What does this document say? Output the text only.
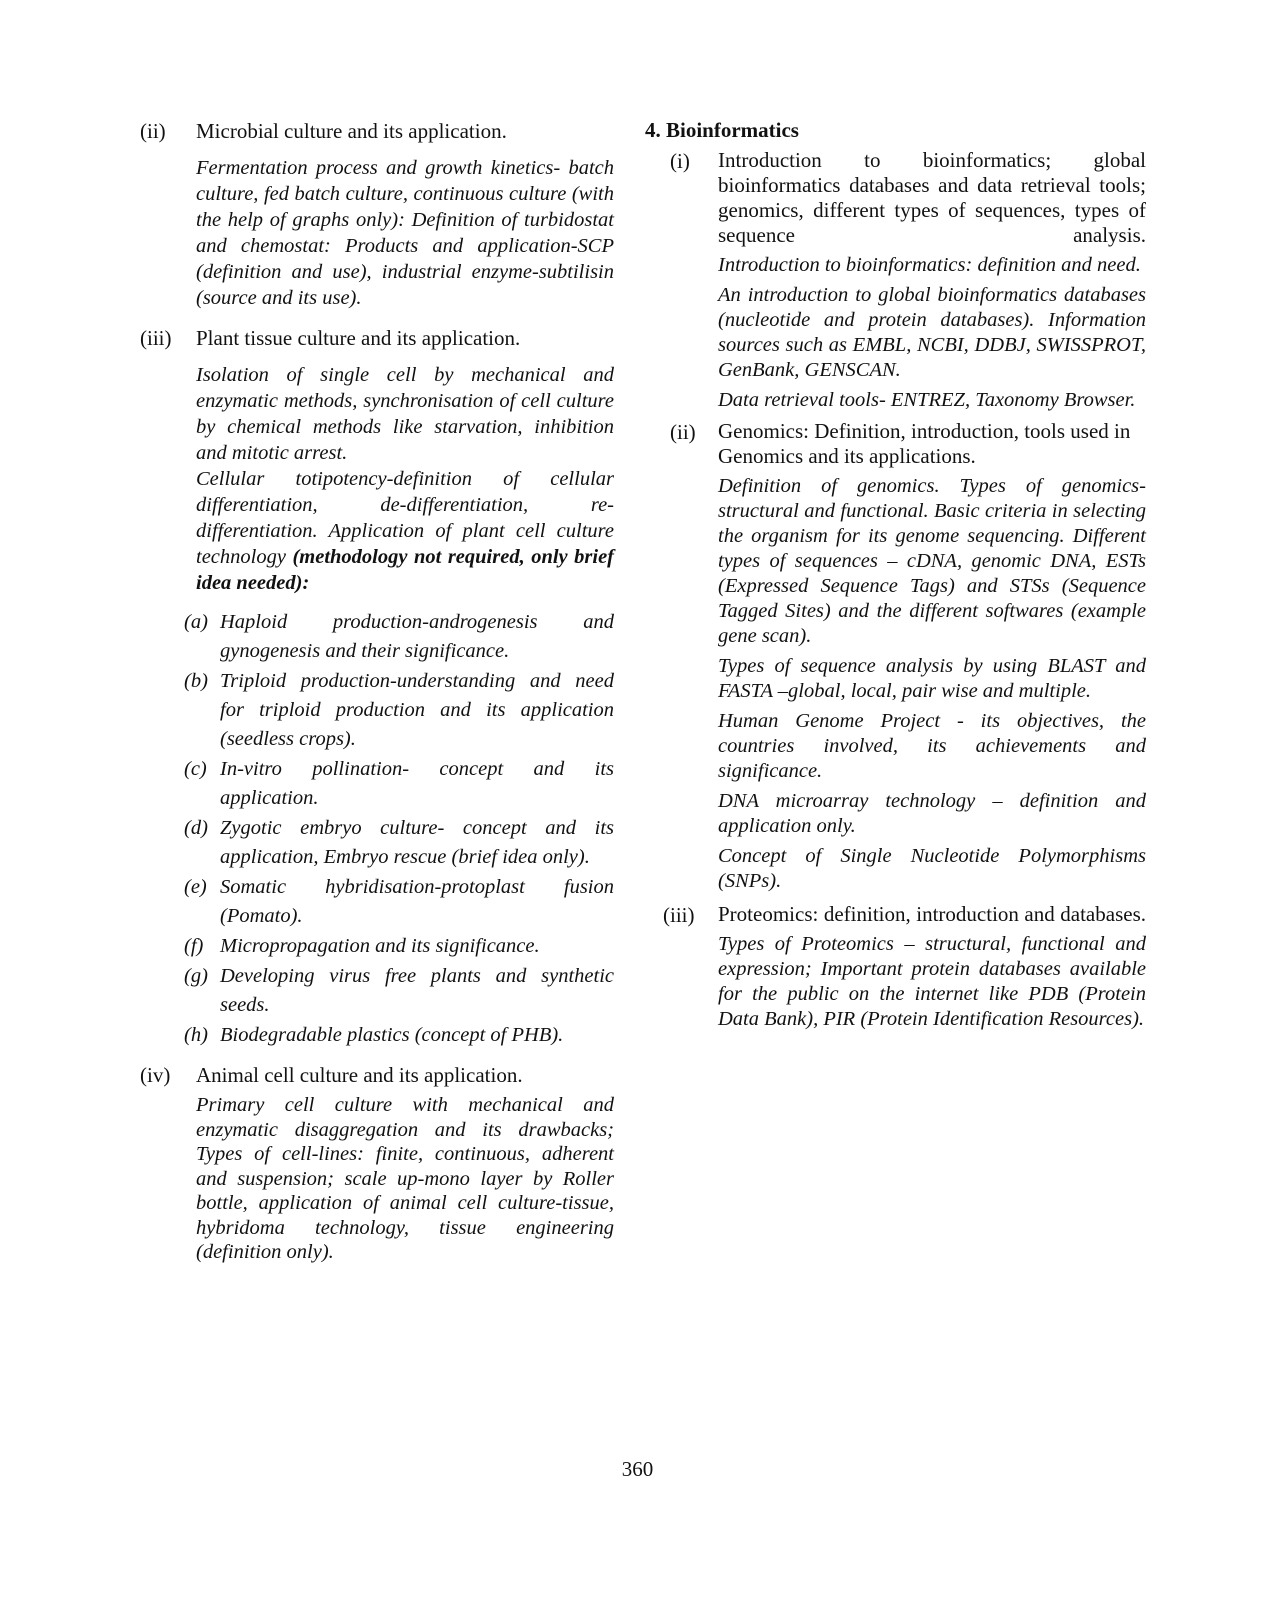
(ii) Microbial culture and its application.
Fermentation process and growth kinetics- batch culture, fed batch culture, continuous culture (with the help of graphs only): Definition of turbidostat and chemostat: Products and application-SCP (definition and use), industrial enzyme-subtilisin (source and its use).
(iii) Plant tissue culture and its application.
Isolation of single cell by mechanical and enzymatic methods, synchronisation of cell culture by chemical methods like starvation, inhibition and mitotic arrest.
Cellular totipotency-definition of cellular differentiation, de-differentiation, re-differentiation. Application of plant cell culture technology (methodology not required, only brief idea needed):
(a) Haploid production-androgenesis and gynogenesis and their significance.
(b) Triploid production-understanding and need for triploid production and its application (seedless crops).
(c) In-vitro pollination- concept and its application.
(d) Zygotic embryo culture- concept and its application, Embryo rescue (brief idea only).
(e) Somatic hybridisation-protoplast fusion (Pomato).
(f) Micropropagation and its significance.
(g) Developing virus free plants and synthetic seeds.
(h) Biodegradable plastics (concept of PHB).
(iv) Animal cell culture and its application.
Primary cell culture with mechanical and enzymatic disaggregation and its drawbacks; Types of cell-lines: finite, continuous, adherent and suspension; scale up-mono layer by Roller bottle, application of animal cell culture-tissue, hybridoma technology, tissue engineering (definition only).
4. Bioinformatics
(i) Introduction to bioinformatics; global bioinformatics databases and data retrieval tools; genomics, different types of sequences, types of sequence analysis.
Introduction to bioinformatics: definition and need.
An introduction to global bioinformatics databases (nucleotide and protein databases). Information sources such as EMBL, NCBI, DDBJ, SWISSPROT, GenBank, GENSCAN.
Data retrieval tools- ENTREZ, Taxonomy Browser.
(ii) Genomics: Definition, introduction, tools used in Genomics and its applications.
Definition of genomics. Types of genomics- structural and functional. Basic criteria in selecting the organism for its genome sequencing. Different types of sequences – cDNA, genomic DNA, ESTs (Expressed Sequence Tags) and STSs (Sequence Tagged Sites) and the different softwares (example gene scan).
Types of sequence analysis by using BLAST and FASTA –global, local, pair wise and multiple.
Human Genome Project - its objectives, the countries involved, its achievements and significance.
DNA microarray technology – definition and application only.
Concept of Single Nucleotide Polymorphisms (SNPs).
(iii) Proteomics: definition, introduction and databases.
Types of Proteomics – structural, functional and expression; Important protein databases available for the public on the internet like PDB (Protein Data Bank), PIR (Protein Identification Resources).
360
